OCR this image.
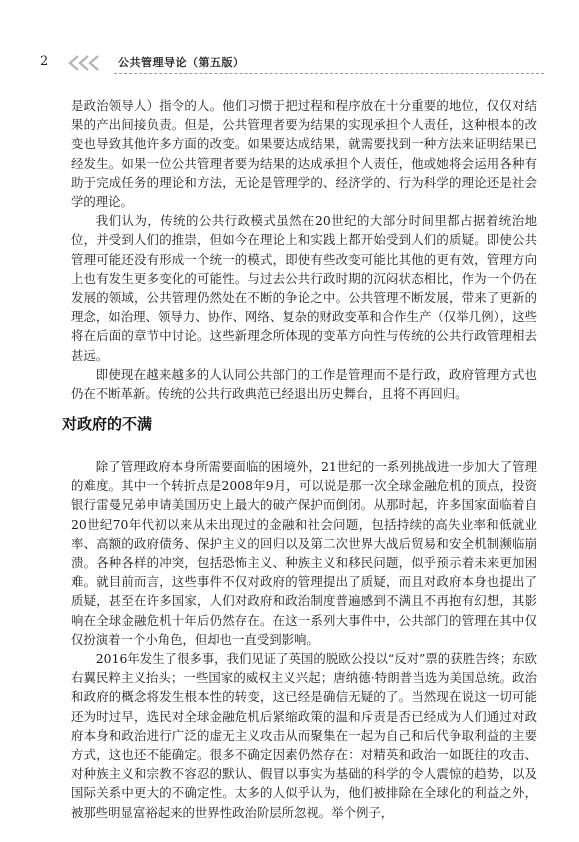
2	公共管理导论（第五版）

是政治领导人）指令的人。他们习惯于把过程和程序放在十分重要的地位，仅仅对结果的产出间接负责。但是，公共管理者要为结果的实现承担个人责任，这种根本的改变也导致其他许多方面的改变。如果要达成结果，就需要找到一种方法来证明结果已经发生。如果一位公共管理者要为结果的达成承担个人责任，他或她将会运用各种有助于完成任务的理论和方法，无论是管理学的、经济学的、行为科学的理论还是社会学的理论。

我们认为，传统的公共行政模式虽然在20世纪的大部分时间里都占据着统治地位，并受到人们的推崇，但如今在理论上和实践上都开始受到人们的质疑。即使公共管理可能还没有形成一个统一的模式，即使有些改变可能比其他的更有效，管理方向上也有发生更多变化的可能性。与过去公共行政时期的沉闷状态相比，作为一个仍在发展的领域，公共管理仍然处在不断的争论之中。公共管理不断发展，带来了更新的理念，如治理、领导力、协作、网络、复杂的财政变革和合作生产（仅举几例），这些将在后面的章节中讨论。这些新理念所体现的变革方向性与传统的公共行政管理相去甚远。

即使现在越来越多的人认同公共部门的工作是管理而不是行政，政府管理方式也仍在不断革新。传统的公共行政典范已经退出历史舞台，且将不再回归。

对政府的不满

除了管理政府本身所需要面临的困境外，21世纪的一系列挑战进一步加大了管理的难度。其中一个转折点是2008年9月，可以说是那一次全球金融危机的顶点，投资银行雷曼兄弟申请美国历史上最大的破产保护而倒闭。从那时起，许多国家面临着自20世纪70年代初以来从未出现过的金融和社会问题，包括持续的高失业率和低就业率、高额的政府债务、保护主义的回归以及第二次世界大战后贸易和安全机制濒临崩溃。各种各样的冲突，包括恐怖主义、种族主义和移民问题，似乎预示着未来更加困难。就目前而言，这些事件不仅对政府的管理提出了质疑，而且对政府本身也提出了质疑，甚至在许多国家，人们对政府和政治制度普遍感到不满且不再抱有幻想，其影响在全球金融危机十年后仍然存在。在这一系列大事件中，公共部门的管理在其中仅仅扮演着一个小角色，但却也一直受到影响。

2016年发生了很多事，我们见证了英国的脱欧公投以“反对”票的获胜告终；东欧右翼民粹主义抬头；一些国家的威权主义兴起；唐纳德·特朗普当选为美国总统。政治和政府的概念将发生根本性的转变，这已经是确信无疑的了。当然现在说这一切可能还为时过早，选民对全球金融危机后紧缩政策的温和斥责是否已经成为人们通过对政府本身和政治进行广泛的虚无主义攻击从而聚集在一起为自己和后代争取利益的主要方式，这也还不能确定。很多不确定因素仍然存在：对精英和政治一如既往的攻击、对种族主义和宗教不容忍的默认、假冒以事实为基础的科学的令人震惊的趋势，以及国际关系中更大的不确定性。太多的人似乎认为，他们被排除在全球化的利益之外，被那些明显富裕起来的世界性政治阶层所忽视。举个例子，
